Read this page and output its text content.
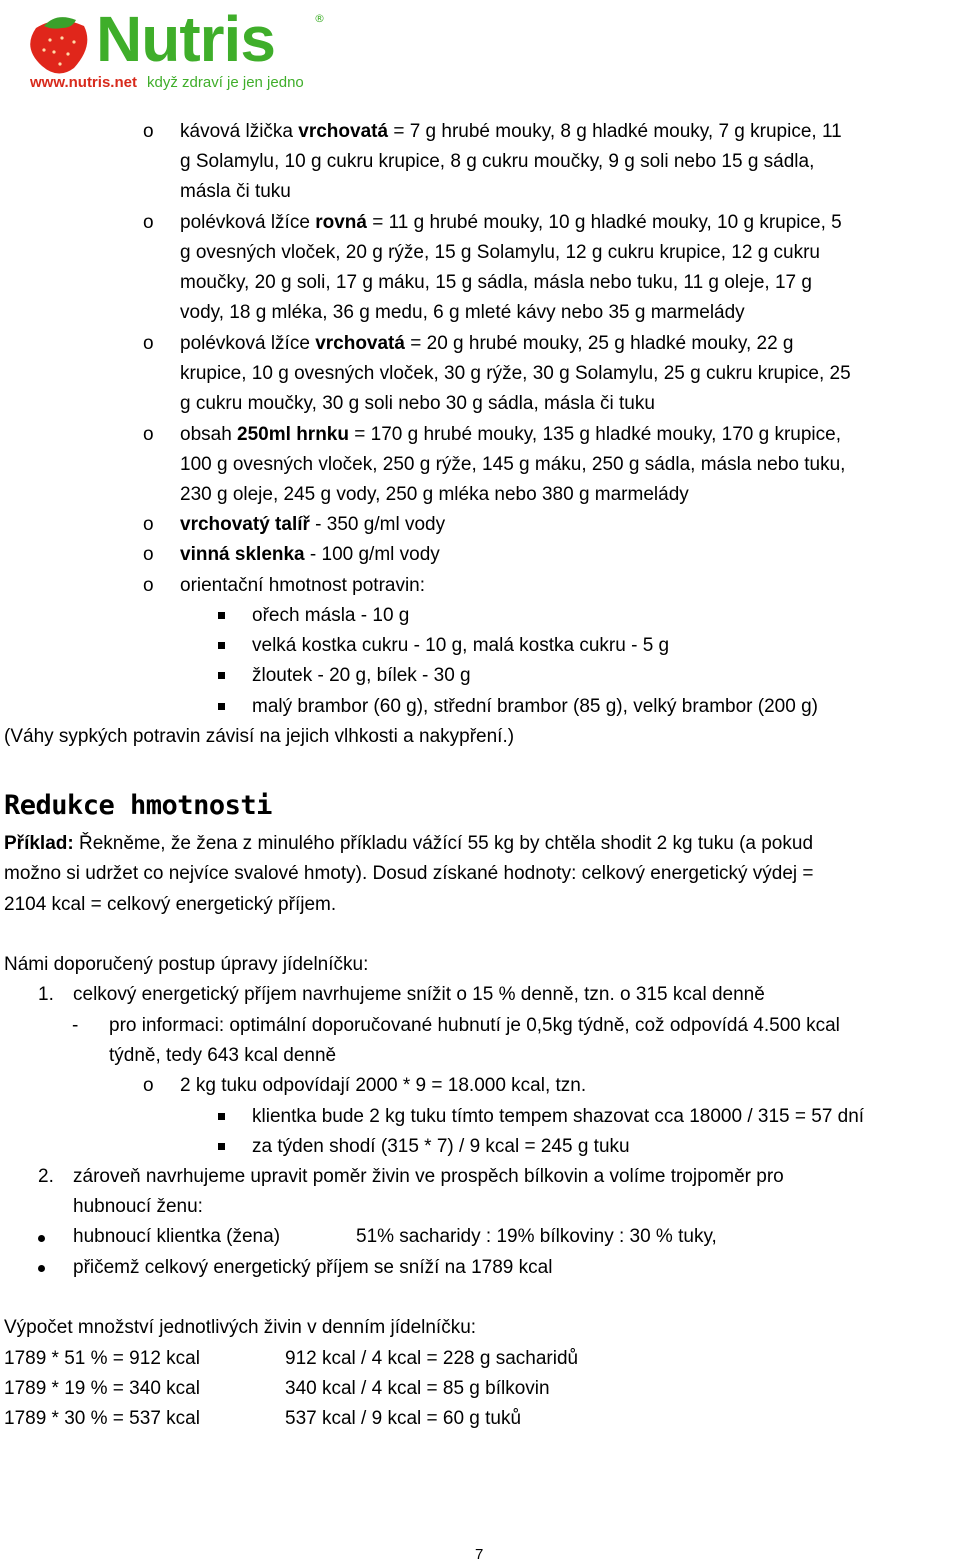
Nutris	®
www.nutris.net když zdraví je jen jedno
o kávová lžička vrchovatá = 7 g hrubé mouky, 8 g hladké mouky, 7 g krupice, 11
g Solamylu, 10 g cukru krupice, 8 g cukru moučky, 9 g soli nebo 15 g sádla,
másla či tuku
o polévková lžíce rovná = 11 g hrubé mouky, 10 g hladké mouky, 10 g krupice, 5
g ovesných vloček, 20 g rýže, 15 g Solamylu, 12 g cukru krupice, 12 g cukru
moučky, 20 g soli, 17 g máku, 15 g sádla, másla nebo tuku, 11 g oleje, 17 g
vody, 18 g mléka, 36 g medu, 6 g mleté kávy nebo 35 g marmelády
o polévková lžíce vrchovatá = 20 g hrubé mouky, 25 g hladké mouky, 22 g
krupice, 10 g ovesných vloček, 30 g rýže, 30 g Solamylu, 25 g cukru krupice, 25
g cukru moučky, 30 g soli nebo 30 g sádla, másla či tuku
o obsah 250ml hrnku = 170 g hrubé mouky, 135 g hladké mouky, 170 g krupice,
100 g ovesných vloček, 250 g rýže, 145 g máku, 250 g sádla, másla nebo tuku,
230 g oleje, 245 g vody, 250 g mléka nebo 380 g marmelády
o vrchovatý talíř - 350 g/ml vody
o vinná sklenka - 100 g/ml vody
o orientační hmotnost potravin:
ořech másla - 10 g
velká kostka cukru - 10 g, malá kostka cukru - 5 g
žloutek - 20 g, bílek - 30 g
malý brambor (60 g), střední brambor (85 g), velký brambor (200 g)
(Váhy sypkých potravin závisí na jejich vlhkosti a nakypření.)
Redukce hmotnosti
Příklad: Řekněme, že žena z minulého příkladu vážící 55 kg by chtěla shodit 2 kg tuku (a pokud
možno si udržet co nejvíce svalové hmoty). Dosud získané hodnoty: celkový energetický výdej =
2104 kcal = celkový energetický příjem.
Námi doporučený postup úpravy jídelníčku:
1. celkový energetický příjem navrhujeme snížit o 15 % denně, tzn. o 315 kcal denně
- pro informaci: optimální doporučované hubnutí je 0,5kg týdně, což odpovídá 4.500 kcal
týdně, tedy 643 kcal denně
o 2 kg tuku odpovídají 2000 * 9 = 18.000 kcal, tzn.
klientka bude 2 kg tuku tímto tempem shazovat cca 18000 / 315 = 57 dní
za týden shodí (315 * 7) / 9 kcal = 245 g tuku
2. zároveň navrhujeme upravit poměr živin ve prospěch bílkovin a volíme trojpoměr pro
hubnoucí ženu:
hubnoucí klientka (žena)	51% sacharidy : 19% bílkoviny : 30 % tuky,
přičemž celkový energetický příjem se sníží na 1789 kcal
Výpočet množství jednotlivých živin v denním jídelníčku:
1789 * 51 % = 912 kcal	912 kcal / 4 kcal = 228 g sacharidů
1789 * 19 % = 340 kcal	340 kcal / 4 kcal = 85 g bílkovin
1789 * 30 % = 537 kcal	537 kcal / 9 kcal = 60 g tuků
7
